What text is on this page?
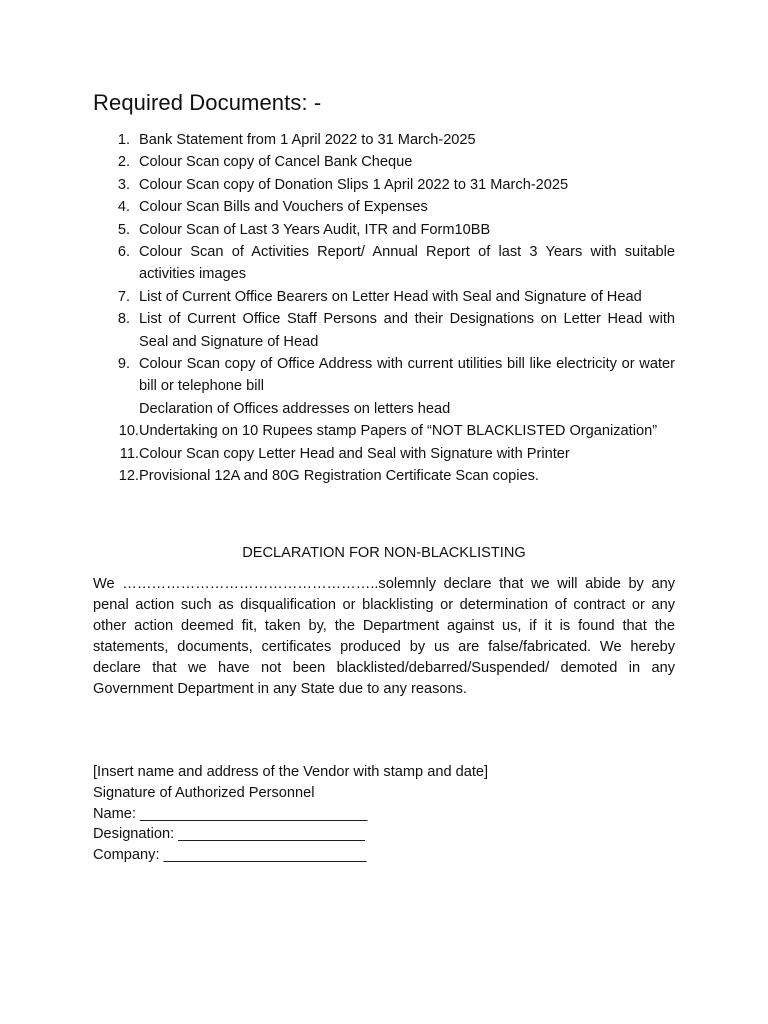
Required Documents: -
1. Bank Statement from 1 April 2022 to 31 March-2025
2. Colour Scan copy of Cancel Bank Cheque
3. Colour Scan copy of Donation Slips 1 April 2022 to 31 March-2025
4. Colour Scan Bills and Vouchers of Expenses
5. Colour Scan of Last 3 Years Audit, ITR and Form10BB
6. Colour Scan of Activities Report/ Annual Report of last 3 Years with suitable activities images
7. List of Current Office Bearers on Letter Head with Seal and Signature of Head
8. List of Current Office Staff Persons and their Designations on Letter Head with Seal and Signature of Head
9. Colour Scan copy of Office Address with current utilities bill like electricity or water bill or telephone bill
Declaration of Offices addresses on letters head
10. Undertaking on 10 Rupees stamp Papers of “NOT BLACKLISTED Organization”
11. Colour Scan copy Letter Head and Seal with Signature with Printer
12. Provisional 12A and 80G Registration Certificate Scan copies.
DECLARATION FOR NON-BLACKLISTING

We ……………………………………………..solemnly declare that we will abide by any penal action such as disqualification or blacklisting or determination of contract or any other action deemed fit, taken by, the Department against us, if it is found that the statements, documents, certificates produced by us are false/fabricated. We hereby declare that we have not been blacklisted/debarred/Suspended/ demoted in any Government Department in any State due to any reasons.

[Insert name and address of the Vendor with stamp and date]
Signature of Authorized Personnel
Name: ____________________________
Designation: _______________________
Company: _________________________
